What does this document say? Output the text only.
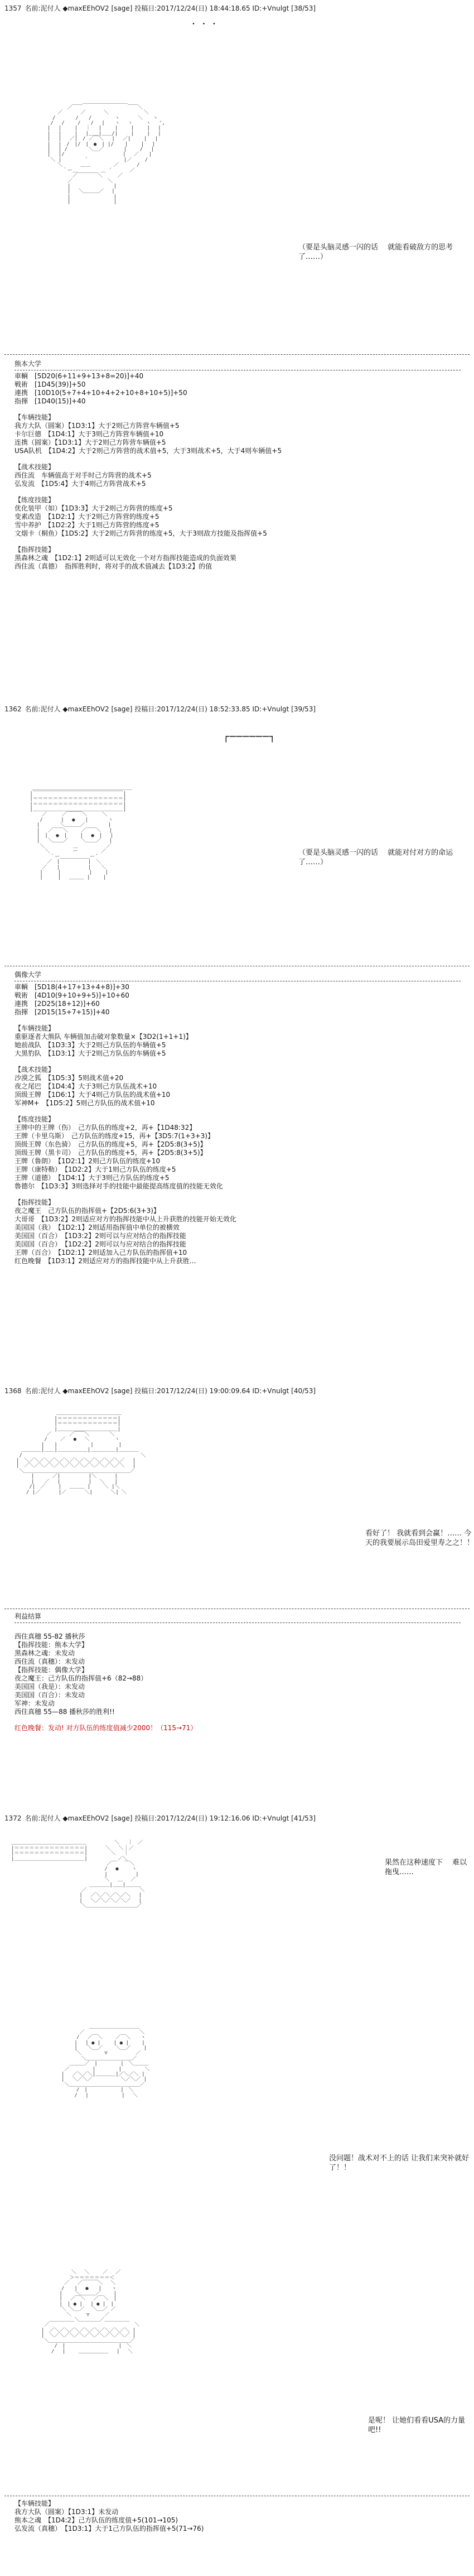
1357 名前:泥付人 ◆maxEEhOV2 [sage] 投稿日:2017/12/24(日) 18:44:18.65 ID:+Vnulgt [38/53]
・ ・ ・

　　　　　　　　　　　　＿＿＿＿＿＿＿＿＿
　　　　　　　　　／￣￣　　　　　　　　　￣￣＼
　　　　　　　／　　　 ／　　　 ＼　　　　　　　＼
　　　　　　/　　　　/　　/　　　　 ヽ　　　 ＼　　ヽ
　　　　　 / 　/　　 /　　/　 |　　ヽ　 ヽ　　 ヽ　 ',
　　　　　|　 |　　 |　 ｜　 |　　 |　　 |　　 |　 |
　　　　　|　 |　　 |　 |＿＿|＿＿/|　　 |　　 |　 |
　　　　　|　 |　 ／|　/ ／￣＼　 |　 ／|　　 |　 |
　　　　　|　 |　/　|/　|　●　| |/ 　 |　　 |　 |
　　　　　|　 | /　 　　 ＼＿／　　　　|　　 /　 |
　　　　　|　 |/　　　　　　　　　　　 |　 ／　　|
　　　　　 ＼ |　　　　 ´　　　　　 　 |／　　 /
　　　　　　　＼　　　 ＿＿　　　　 ／　　　 /
　　　　　　　　｀ー＿　　　　 ＿ ´　　　 ／
　　　　　　　　　　／￣￣￣￣＼　　　／
　　　　　　　　　／　　　　　　　＼
　　　　　　　　　|　　　　　　　　 |
　　　　　　　　　|　 ＼＿＿＿／　 |
　　　　　　　　　|　　　　　　　　 |
　　　　　　　　　|　　　　　　　　 |

（要是头脑灵感一闪的话 　就能看破敌方的思考了……）
熊本大学
車輌　[5D20(6+11+9+13+8=20)]+40
戦術　[1D45(39)]+50
連携　[10D10(5+7+4+10+4+2+10+8+10+5)]+50
指揮　[1D40(15)]+40
【车辆技能】
我方大队（圆案）【1D3:1】大于2则己方阵营车辆值+5
卡尔巨德　【1D4:1】大于3则己方阵营车辆值+10
连携（圆案）【1D3:1】大于2则己方阵营车辆值+5
USA队机　【1D4:2】大于2则己方阵营的战术值+5，大于3则战术+5，大于4则车辆值+5
【战术技能】
西住流　车辆值高于对手时己方阵营的战术+5
弘发流　【1D5:4】大于4则己方阵营战术+5
【练度技能】
优化装甲（如）【1D3:3】大于2则己方阵营的练度+5
变素改造　【1D2:1】大于2则己方阵营的练度+5
雪中养护　【1D2:2】大于1则己方阵营的练度+5
文烟卡（桐鱼）【1D5:2】大于2则己方阵营的练度+5，大于3则敌方技能及指挥值+5
【指挥技能】
黑森林之魂　【1D2:1】2则适可以无效化一个对方指挥技能造成的负面效果
西住流（真德）　指挥胜利时，将对手的战术值减去【1D3:2】的值
1362 名前:泥付人 ◆maxEEhOV2 [sage] 投稿日:2017/12/24(日) 18:52:33.85 ID:+Vnulgt [39/53]
┌──────┐

　　　＿＿＿＿＿＿＿＿＿＿＿＿＿＿＿＿＿＿＿＿
　　 |￣￣￣￣￣￣￣￣￣￣￣￣￣￣￣￣￣￣|
　　 |＝＝＝＝＝＝＝＝＝＝＝＝＝＝＝＝＝＝|
　　 |＝＝＝＝＝＝＝＝＝＝＝＝＝＝＝＝＝＝|
　　 |＿＿＿＿＿＿＿＿＿＿＿＿＿＿＿＿＿＿|
　　　　　／　　　／￣￣￣＼　　　＼
　　　　 /　　　 |　 ●　　|　　　　ヽ
　　　　|　　　　＼＿＿＿／　　　　 |
　　　　|　 ／￣￣＼　　 ／￣￣＼　 |
　　　　|　|　 ●　|　　 |　 ●　|　 |
　　　　|　 ＼＿＿／　　 ＼＿＿／　 |
　　　　 ＼　　　　　 ＿　　　　　 ／
　　　　　 ＼　　　　 ー　　　　 ／
　　　　　　 ｀ー＿＿＿＿＿＿ー´
　　　　　　／　|　　　　　 |　＼
　　　　　／　　|　　　　　 |　　＼
　　　　 |　　　|　　　　　 |　　 |
　　　　 |　　　|　 ＿＿＿ |　　 |

（要是头脑灵感一闪的话 　就能对付对方的命运了……）
偶像大学
車輌　[5D18(4+17+13+4+8)]+30
戦術　[4D10(9+10+9+5)]+10+60
連携　[2D25(18+12)]+60
指揮　[2D15(15+7+15)]+40
【车辆技能】
重驱逐者大熊队 车辆值加击破对象数量×【3D2(1+1+1)】
她前战队　【1D3:3】大于2则己方队伍的车辆值+5
大黑豹队　【1D3:1】大于2则己方队伍的车辆值+5
【战术技能】
沙漠之狐　【1D5:3】5则战术值+20
夜之尾巴　【1D4:4】大于3则己方队伍战术+10
顶级王牌　【1D6:1】大于4则己方队伍的战术值+10
军神M+　【1D5:2】5则己方队伍的战术值+10
【练度技能】
王牌中的王牌（伤）　己方队伍的练度+2，再+【1D48:32】
王牌（卡里乌斯）　己方队伍的练度+15，再+【3D5:7(1+3+3)】
顶级王牌（东色骑）　己方队伍的练度+5，再+【2D5:8(3+5)】
顶级王牌（黑卡司）　己方队伍的练度+5，再+【2D5:8(3+5)】
王牌（鲁朗）　【1D2:1】2则己方队伍的练度+10
王牌（康特勒）　【1D2:2】大于1则己方队伍的练度+5
王牌（道德）　【1D4:1】大于3则己方队伍的练度+5
魯德尔　【1D3:3】3则选择对手的技能中最能提高练度值的技能无效化
【指挥技能】
夜之魔王　己方队伍的指挥值+【2D5:6(3+3)】
大哥哥　【1D3:2】2则适应对方的指挥技能中从上升获胜的技能开始无效化
美国国（我）　【1D2:1】2则适用指挥值中单位的被横效
美国国（百合）　【1D3:2】2则可以与应对结合的指挥技能
美国国（百合）　【1D2:2】2则可以与应对结合的指挥技能
王牌（百合）　【1D2:1】2则适加入己方队伍的指挥值+10
红色晚餐　【1D3:1】2则适应对方的指挥技能中从上升获胜...
1368 名前:泥付人 ◆maxEEhOV2 [sage] 投稿日:2017/12/24(日) 19:00:09.64 ID:+Vnulgt [40/53]

　　　　　　　　　＿＿＿＿＿＿＿＿＿＿＿＿＿
　　　　　　　　 |＝＝＝＝＝＝＝＝＝＝＝＝|
　　　　　　　　 |＝＝＝＝＝＝＝＝＝＝＝＝|
　　　　　　　　 |＿＿＿＿＿＿＿＿＿＿＿＿|
　　　　　　　／　　　 ／￣￣＼　　　　＼
　　　　　　 /　　 ／　 ●　 ＼　　　　　ヽ
　　　　　　|　　|　　　　　　 |　　　　　|
　　＿＿＿＿|＿＿|＿＿＿＿＿＿|＿＿＿＿＿|＿＿＿＿
　 /　　　　　　　　　　　　　　　　　　　　　　　 ＼
　|　＼／＼／＼／＼／＼／＼／＼／＼／＼／＼／　 |
　|　／＼／＼／＼／＼／＼／＼／＼／＼／＼／＼　 |
　 ＼＿＿＿＿＿＿＿＿＿＿＿＿＿＿＿＿＿＿＿＿＿／
　　　　|　　　 ／|　　　　　 |＼　　　 |
　　　　|　　／　 |　　　　　 |　 ＼　　|
　　　 /|　／　　 |　 ＿＿＿ |　　 ＼ |＼
　　　/ |／　　　 |／　　　 ＼|　　　 ＼| ＼

看好了！ 我就看到会赢！…… 今天的我要展示岛田爱里寿之之！！
利益结算
西住真穗 55-82 播秋莎
【指挥技能：熊本大学】
黑森林之魂：未发动
西住流（真穗）：未发动
【指挥技能：偶像大学】
夜之魔王：己方队伍的指挥值+6（82→88）
美国国（我是）：未发动
美国国（百合）：未发动
军神：未发动
西住真穗 55—88 播秋莎的胜利!!
红色晚餐：发动! 对方队伍的练度值减少2000！（115→71）
1372 名前:泥付人 ◆maxEEhOV2 [sage] 投稿日:2017/12/24(日) 19:12:16.06 ID:+Vnulgt [41/53]

＿＿＿＿＿＿＿＿＿＿＿＿＿＿＿　　　　　 ＼　 ｜　／
|＝＝＝＝＝＝＝＝＝＝＝＝＝＝|　　　 ＼　 ＼｜／
|＝＝＝＝＝＝＝＝＝＝＝＝＝＝|　　　　 ＼　 ｜
|＿＿＿＿＿＿＿＿＿＿＿＿＿＿|　　　　　　／＼
　　　　　　　　　　　　　　　　　　　／￣　 ￣＼
　　　　　　　　　　　　　　　　　　 /　 ●　　 ヽ
　　　　　　　　　　　　　　　　　　 |　　　　　 |
　　　　　　　　　　　　　　　　　　 ＼　 ＿　 ／
　　　　　　　　　　　　　　　 ＿＿＿＿|＿＿|＿＿＿
　　　　　　　　　　　　　　／　　　　　　　　　　 ＼
　　　　　　　　　　　　　 |　 ／＼／＼／＼／＼　 |
　　　　　　　　　　　　　 |　 ＼／＼／＼／＼／　 |
　　　　　　　　　　　　　　＼＿＿＿＿＿＿＿＿＿＿／

果然在这种速度下 　难以拖曳……

　　　　　　　　　　　　　　　 ＿＿＿＿＿＿＿＿＿＿
　　　　　　　　　　　　　 ／　　　　　　　　　　　＼
　　　　　　　　　　　　　/　 ／￣＼　　 ／￣＼　　ヽ
　　　　　　　　　　　　 |　 | ● |　　 | ● |　　 |
　　　　　　　　　　　　 |　　＼＿／　　 ＼＿／　　 |
　　　　　　　　　　　　　＼　　　　 ▽　　　　　 ／
　　　　　　　　　　　　　　＼＿＿＿＿＿＿＿＿＿／
　　　　　　　　　　　 ＿＿＿／　|　　　　 |　＼＿＿＿
　　　　　　　　　　 ／　　　　 |　　　　 |　　　　 ＼
　　　　　　　　　　|　 ／＼／＼|＿＿＿＿|／＼／＼ |
　　　　　　　　　　|　 ＼／＼／　　　　　 ＼／＼／ |
　　　　　　　　　　 ＼＿＿＿＿＿＿＿＿＿＿＿＿＿＿／
　　　　　　　　　　　　　/　|　　　　　　 |　＼
　　　　　　　　　　　　 /　 |　　　　　　 |　 ＼

没问题！战术对不上的话 让我们来突补就好了！！

　　　　　　　　　　　　＼　 ＼　　 ／　 ／
　　　　　　　　　　　 ＞＝＝＝＝＝＝＝＜
　　　　　　　　　　 ／　 ／￣￣￣＼　 ＼
　　　　　　　　　　/　　|　 ●　　|　　ヽ
　　　　　　　　　 |　　 ＼＿＿＿／　　 |
　　　　　　　　　 |　 ／￣＼　 ／￣＼　|
　　　　　　　　　 |　| ● |　 | ● |　|
　　　　　　　　　　＼ ＼＿／　 ＼＿／ ／
　　　　　　　　　　　＼　　　▽　　　／
　　　　　　　 ＿＿＿＿＿＼＿＿＿＿／＿＿＿＿＿
　　　　　　 ／　　　　　　　　　　　　　　　　　＼
　　　　　　|　／＼／＼／＼／＼／＼／＼／＼／＼ |
　　　　　　|　＼／＼／＼／＼／＼／＼／＼／＼／ |
　　　　　　 ＼＿＿＿＿＿＿＿＿＿＿＿＿＿＿＿＿／
　　　　　　　　 /　|　　　　　　　　　　 |　＼
　　　　　　　　/　 |　　 ＿＿＿＿＿＿ 　|　 ＼

是呢！ 让她们看看USA的力量吧!!
【车辆技能】
我方大队（圆案）【1D3:1】未发动
熊本之魂　【1D4:2】己方队伍的练度值+5(101→105)
弘发流（真穗）　【1D3:1】大于1己方队伍的指挥值+5(71→76)
